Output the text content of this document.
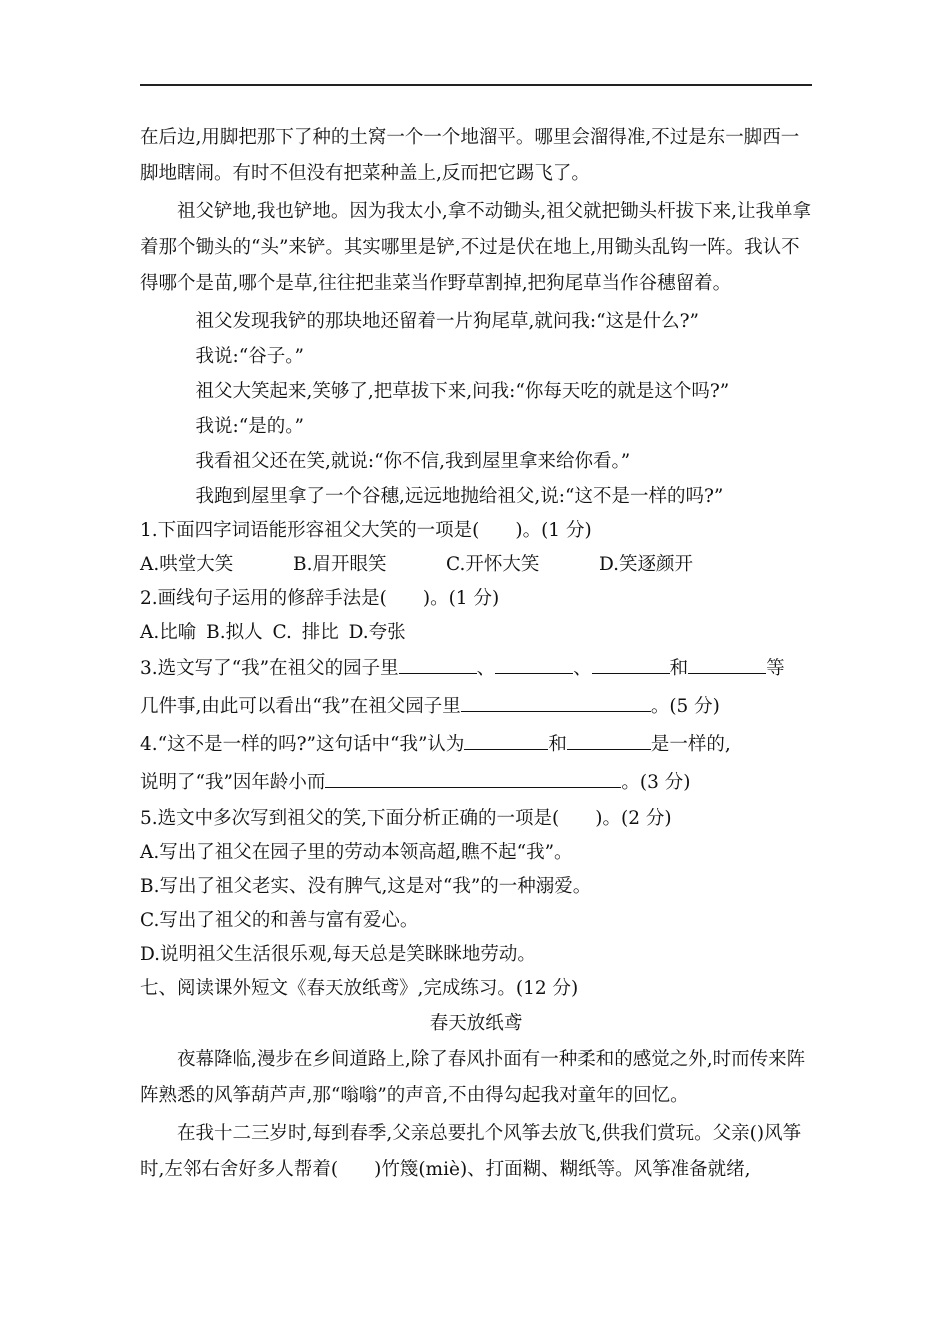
在后边,用脚把那下了种的土窝一个一个地溜平。哪里会溜得准,不过是东一脚西一脚地瞎闹。有时不但没有把菜种盖上,反而把它踢飞了。

祖父铲地,我也铲地。因为我太小,拿不动锄头,祖父就把锄头杆拔下来,让我单拿着那个锄头的“头”来铲。其实哪里是铲,不过是伏在地上,用锄头乱钩一阵。我认不得哪个是苗,哪个是草,往往把韭菜当作野草割掉,把狗尾草当作谷穗留着。

祖父发现我铲的那块地还留着一片狗尾草,就问我:“这是什么?”

我说:“谷子。”

祖父大笑起来,笑够了,把草拔下来,问我:“你每天吃的就是这个吗?”

我说:“是的。”

我看祖父还在笑,就说:“你不信,我到屋里拿来给你看。”

我跑到屋里拿了一个谷穗,远远地抛给祖父,说:“这不是一样的吗?”

1.下面四字词语能形容祖父大笑的一项是( )。(1 分)
A.哄堂大笑	B.眉开眼笑	C.开怀大笑	D.笑逐颜开
2.画线句子运用的修辞手法是( )。(1 分)
A.比喻 B.拟人 C. 排比 D.夸张
3.选文写了“我”在祖父的园子里	、	、	和	等
几件事,由此可以看出“我”在祖父园子里	。(5 分)
4.“这不是一样的吗?”这句话中“我”认为	和	是一样的,
说明了“我”因年龄小而	。(3 分)
5.选文中多次写到祖父的笑,下面分析正确的一项是( )。(2 分)
A.写出了祖父在园子里的劳动本领高超,瞧不起“我”。
B.写出了祖父老实、没有脾气,这是对“我”的一种溺爱。
C.写出了祖父的和善与富有爱心。
D.说明祖父生活很乐观,每天总是笑眯眯地劳动。
七、阅读课外短文《春天放纸鸢》,完成练习。(12 分)
春天放纸鸢

夜幕降临,漫步在乡间道路上,除了春风扑面有一种柔和的感觉之外,时而传来阵阵熟悉的风筝葫芦声,那“嗡嗡”的声音,不由得勾起我对童年的回忆。

在我十二三岁时,每到春季,父亲总要扎个风筝去放飞,供我们赏玩。父亲()风筝时,左邻右舍好多人帮着( )竹篾(miè)、打面糊、糊纸等。风筝准备就绪,
